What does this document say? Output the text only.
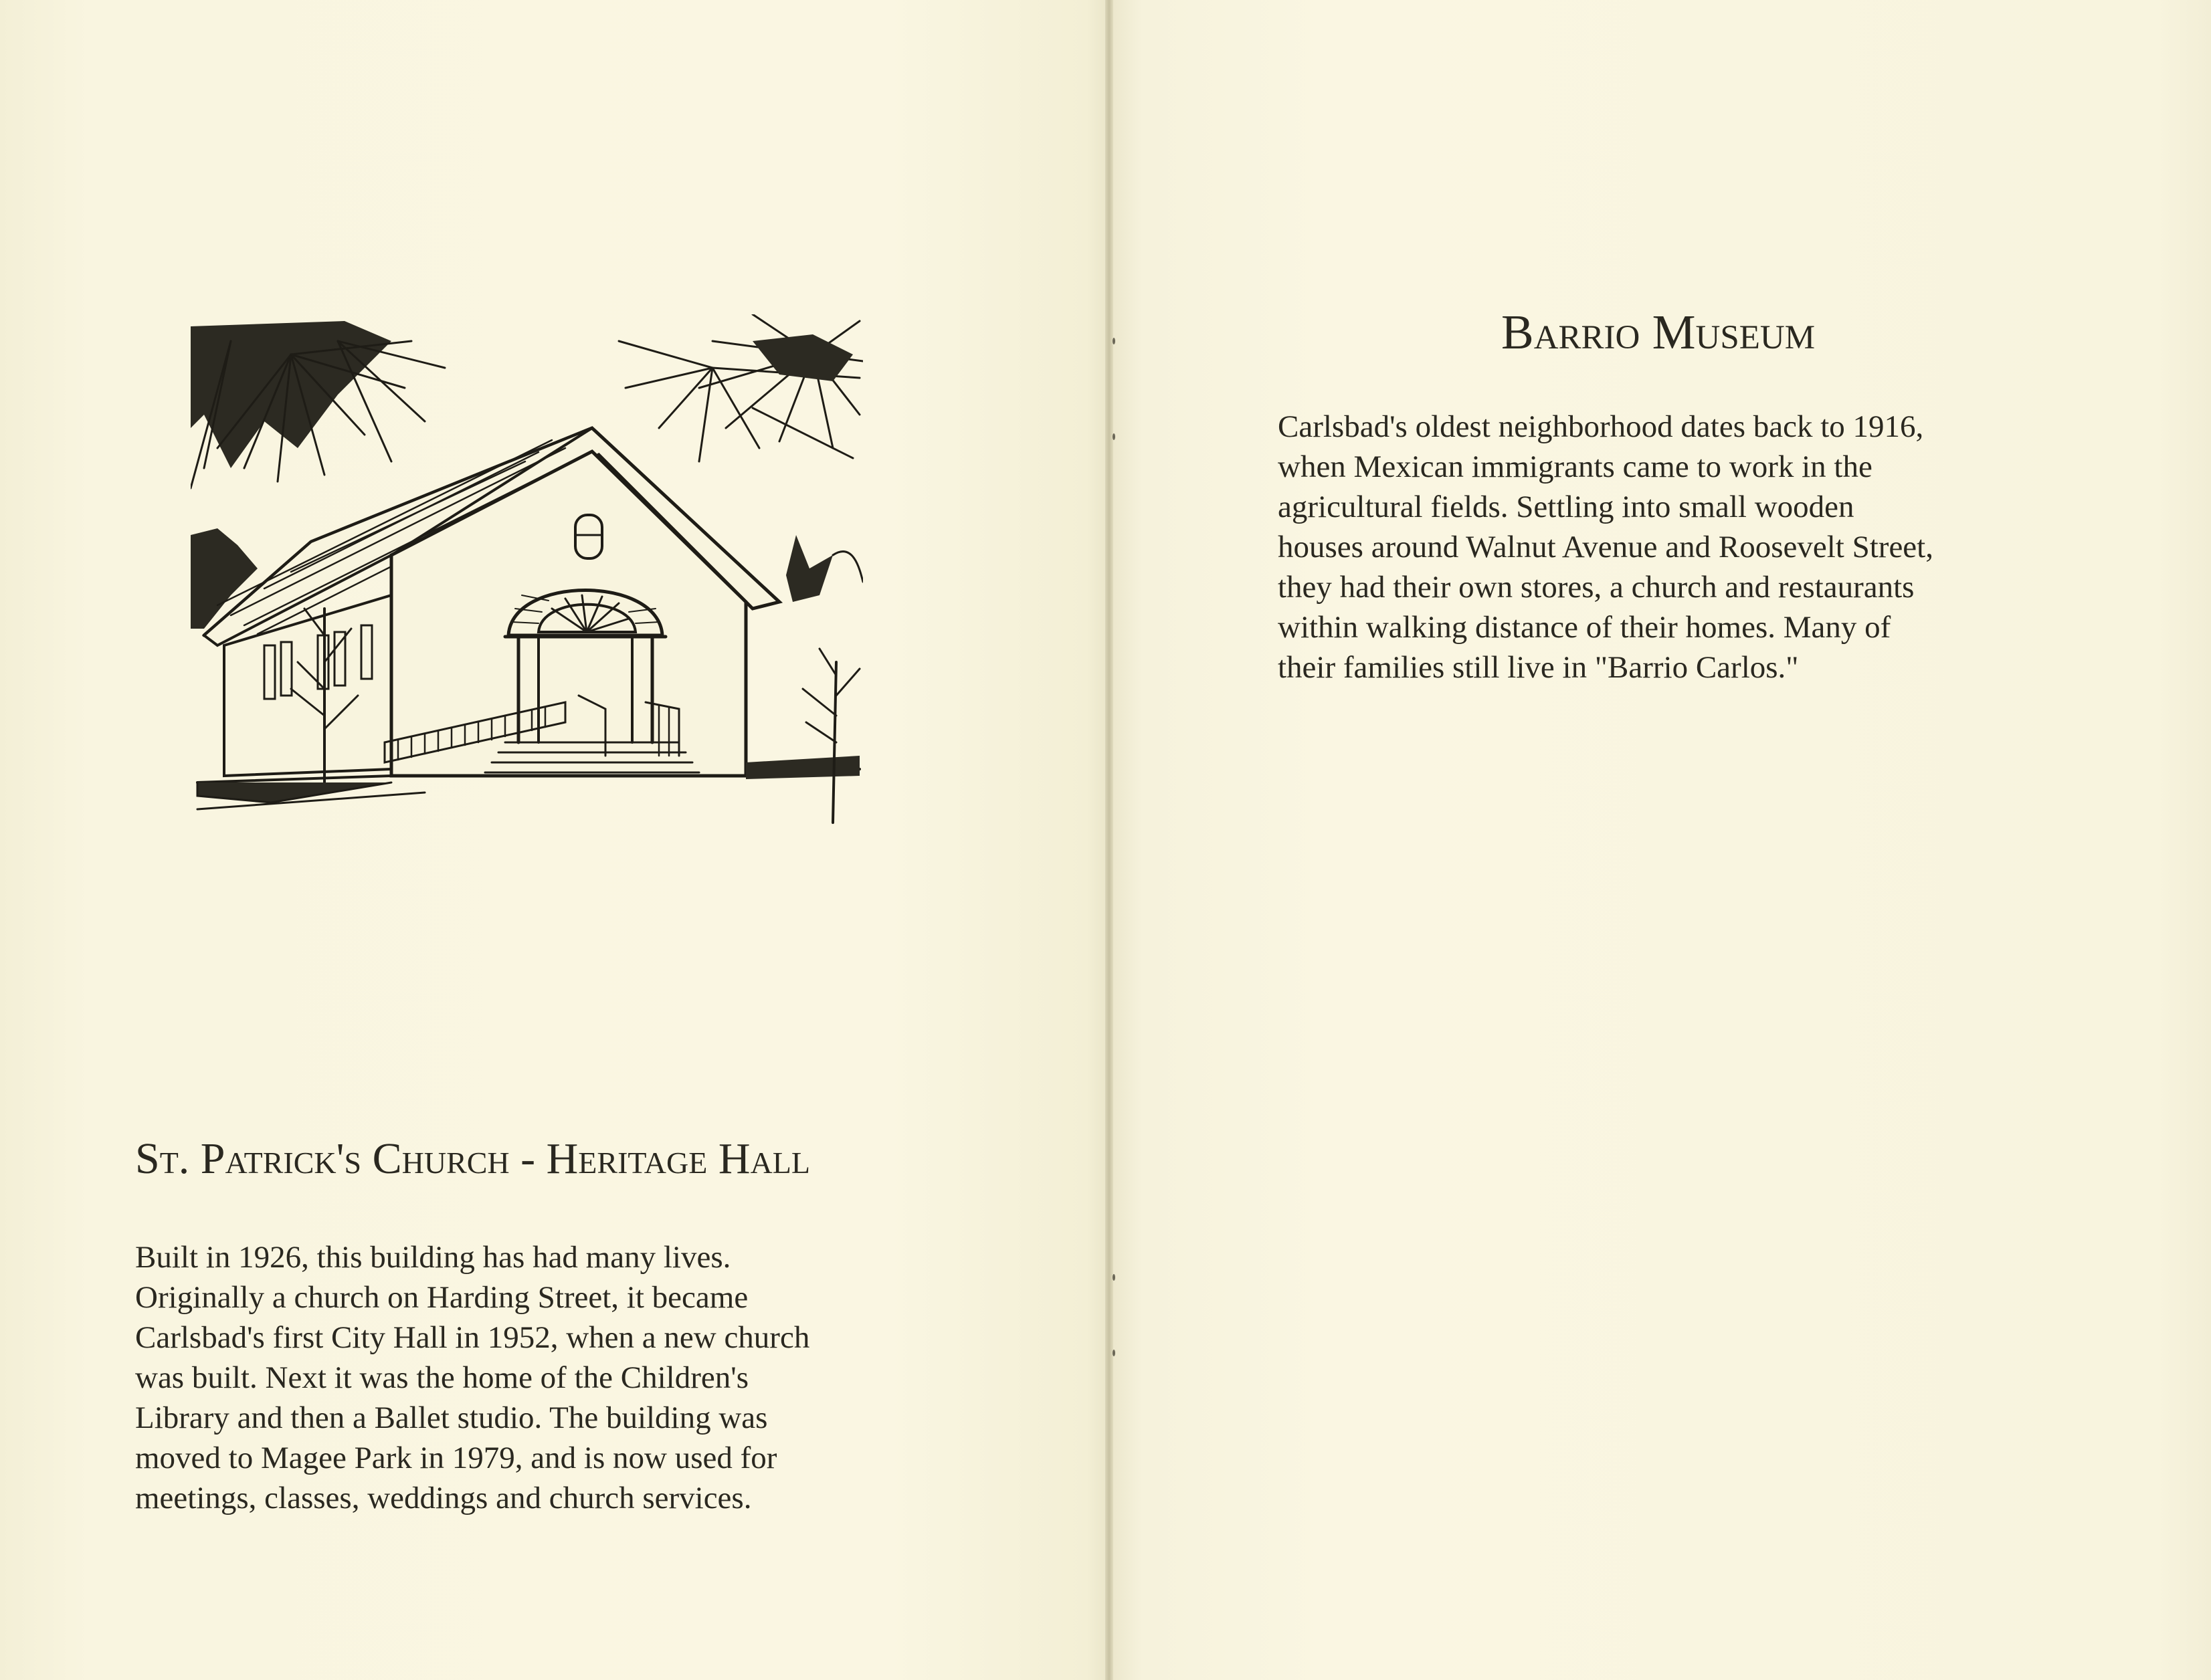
St. Patrick's Church - Heritage Hall

Built in 1926, this building has had many lives.
Originally a church on Harding Street, it became
Carlsbad's first City Hall in 1952, when a new church
was built. Next it was the home of the Children's
Library and then a Ballet studio. The building was
moved to Magee Park in 1979, and is now used for
meetings, classes, weddings and church services.

Barrio Museum

Carlsbad's oldest neighborhood dates back to 1916,
when Mexican immigrants came to work in the
agricultural fields. Settling into small wooden
houses around Walnut Avenue and Roosevelt Street,
they had their own stores, a church and restaurants
within walking distance of their homes. Many of
their families still live in "Barrio Carlos."
